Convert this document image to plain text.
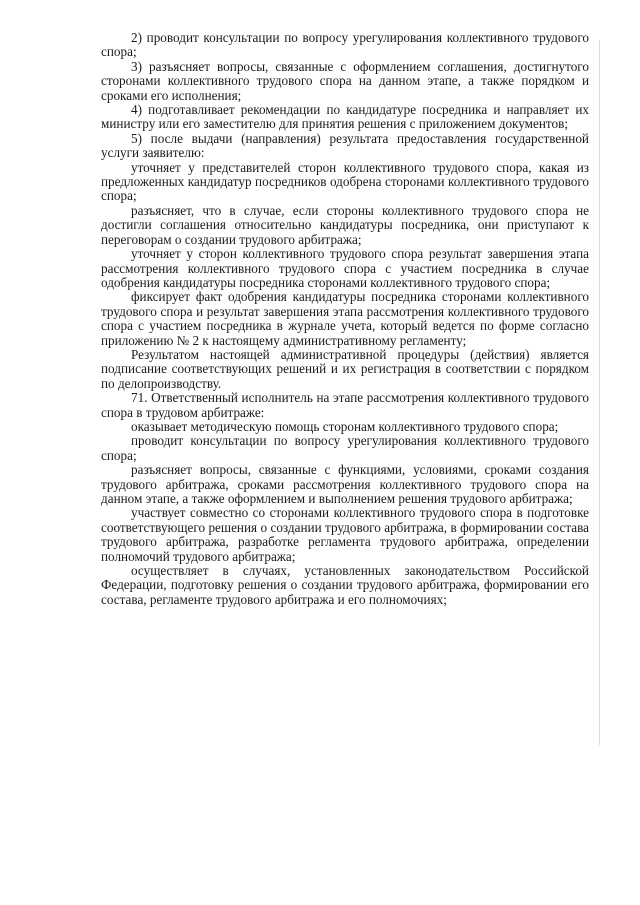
2) проводит консультации по вопросу урегулирования коллективного трудового спора;

3) разъясняет вопросы, связанные с оформлением соглашения, достигнутого сторонами коллективного трудового спора на данном этапе, а также порядком и сроками его исполнения;

4) подготавливает рекомендации по кандидатуре посредника и направляет их министру или его заместителю для принятия решения с приложением документов;

5) после выдачи (направления) результата предоставления государственной услуги заявителю:

уточняет у представителей сторон коллективного трудового спора, какая из предложенных кандидатур посредников одобрена сторонами коллективного трудового спора;

разъясняет, что в случае, если стороны коллективного трудового спора не достигли соглашения относительно кандидатуры посредника, они приступают к переговорам о создании трудового арбитража;

уточняет у сторон коллективного трудового спора результат завершения этапа рассмотрения коллективного трудового спора с участием посредника в случае одобрения кандидатуры посредника сторонами коллективного трудового спора;

фиксирует факт одобрения кандидатуры посредника сторонами коллективного трудового спора и результат завершения этапа рассмотрения коллективного трудового спора с участием посредника в журнале учета, который ведется по форме согласно приложению № 2 к настоящему административному регламенту;

Результатом настоящей административной процедуры (действия) является подписание соответствующих решений и их регистрация в соответствии с порядком по делопроизводству.

71. Ответственный исполнитель на этапе рассмотрения коллективного трудового спора в трудовом арбитраже:

оказывает методическую помощь сторонам коллективного трудового спора;

проводит консультации по вопросу урегулирования коллективного трудового спора;

разъясняет вопросы, связанные с функциями, условиями, сроками создания трудового арбитража, сроками рассмотрения коллективного трудового спора на данном этапе, а также оформлением и выполнением решения трудового арбитража;

участвует совместно со сторонами коллективного трудового спора в подготовке соответствующего решения о создании трудового арбитража, в формировании состава трудового арбитража, разработке регламента трудового арбитража, определении полномочий трудового арбитража;

осуществляет в случаях, установленных законодательством Российской Федерации, подготовку решения о создании трудового арбитража, формировании его состава, регламенте трудового арбитража и его полномочиях;
